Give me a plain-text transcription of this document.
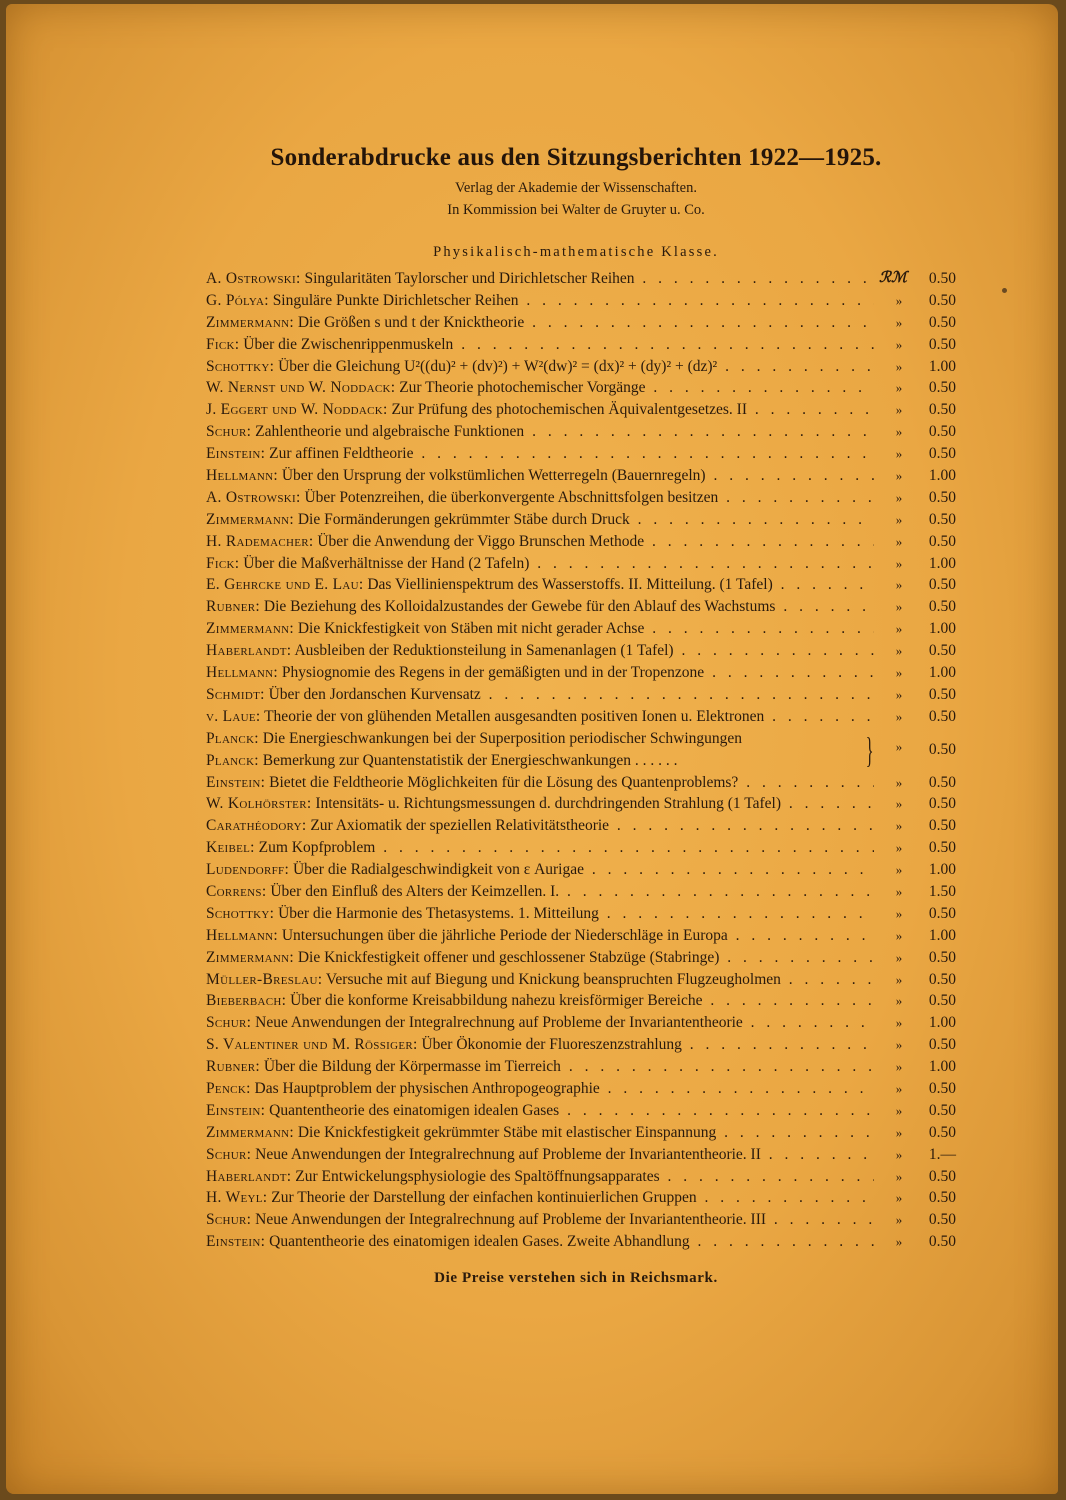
Sonderabdrucke aus den Sitzungsberichten 1922—1925.
Verlag der Akademie der Wissenschaften.
In Kommission bei Walter de Gruyter u. Co.
Physikalisch-mathematische Klasse.
A. Ostrowski: Singularitäten Taylorscher und Dirichletscher Reihen . . .	ℛℳ	0.50
G. Pólya: Singuläre Punkte Dirichletscher Reihen . . .	»	0.50
Zimmermann: Die Größen s und t der Knicktheorie . . .	»	0.50
Fick: Über die Zwischenrippenmuskeln . . .	»	0.50
Schottky: Über die Gleichung U²((du)² + (dv)²) + W²(dw)² = (dx)² + (dy)² + (dz)² . . .	»	1.00
W. Nernst und W. Noddack: Zur Theorie photochemischer Vorgänge . . .	»	0.50
J. Eggert und W. Noddack: Zur Prüfung des photochemischen Äquivalentgesetzes. II . . .	»	0.50
Schur: Zahlentheorie und algebraische Funktionen . . .	»	0.50
Einstein: Zur affinen Feldtheorie . . .	»	0.50
Hellmann: Über den Ursprung der volkstümlichen Wetterregeln (Bauernregeln) . . .	»	1.00
A. Ostrowski: Über Potenzreihen, die überkonvergente Abschnittsfolgen besitzen . . .	»	0.50
Zimmermann: Die Formänderungen gekrümmter Stäbe durch Druck . . .	»	0.50
H. Rademacher: Über die Anwendung der Viggo Brunschen Methode . . .	»	0.50
Fick: Über die Maßverhältnisse der Hand (2 Tafeln) . . .	»	1.00
E. Gehrcke und E. Lau: Das Viellinienspektrum des Wasserstoffs. II. Mitteilung. (1 Tafel) . . .	»	0.50
Rubner: Die Beziehung des Kolloidalzustandes der Gewebe für den Ablauf des Wachstums . . .	»	0.50
Zimmermann: Die Knickfestigkeit von Stäben mit nicht gerader Achse . . .	»	1.00
Haberlandt: Ausbleiben der Reduktionsteilung in Samenanlagen (1 Tafel) . . .	»	0.50
Hellmann: Physiognomie des Regens in der gemäßigten und in der Tropenzone . . .	»	1.00
Schmidt: Über den Jordanschen Kurvensatz . . .	»	0.50
v. Laue: Theorie der von glühenden Metallen ausgesandten positiven Ionen u. Elektronen . . .	»	0.50
Planck: Die Energieschwankungen bei der Superposition periodischer Schwingungen
Planck: Bemerkung zur Quantenstatistik der Energieschwankungen . . . . . .	}	»	0.50
Einstein: Bietet die Feldtheorie Möglichkeiten für die Lösung des Quantenproblems? . . .	»	0.50
W. Kolhörster: Intensitäts- u. Richtungsmessungen d. durchdringenden Strahlung (1 Tafel) . . .	»	0.50
Carathéodory: Zur Axiomatik der speziellen Relativitätstheorie . . .	»	0.50
Keibel: Zum Kopfproblem . . .	»	0.50
Ludendorff: Über die Radialgeschwindigkeit von ε Aurigae . . .	»	1.00
Correns: Über den Einfluß des Alters der Keimzellen. I. . . .	»	1.50
Schottky: Über die Harmonie des Thetasystems. 1. Mitteilung . . .	»	0.50
Hellmann: Untersuchungen über die jährliche Periode der Niederschläge in Europa . . .	»	1.00
Zimmermann: Die Knickfestigkeit offener und geschlossener Stabzüge (Stabringe) . . .	»	0.50
Müller-Breslau: Versuche mit auf Biegung und Knickung beanspruchten Flugzeugholmen . . .	»	0.50
Bieberbach: Über die konforme Kreisabbildung nahezu kreisförmiger Bereiche . . .	»	0.50
Schur: Neue Anwendungen der Integralrechnung auf Probleme der Invariantentheorie . . .	»	1.00
S. Valentiner und M. Rössiger: Über Ökonomie der Fluoreszenzstrahlung . . .	»	0.50
Rubner: Über die Bildung der Körpermasse im Tierreich . . .	»	1.00
Penck: Das Hauptproblem der physischen Anthropogeographie . . .	»	0.50
Einstein: Quantentheorie des einatomigen idealen Gases . . .	»	0.50
Zimmermann: Die Knickfestigkeit gekrümmter Stäbe mit elastischer Einspannung . . .	»	0.50
Schur: Neue Anwendungen der Integralrechnung auf Probleme der Invariantentheorie. II . . .	»	1.—
Haberlandt: Zur Entwickelungsphysiologie des Spaltöffnungsapparates . . .	»	0.50
H. Weyl: Zur Theorie der Darstellung der einfachen kontinuierlichen Gruppen . . .	»	0.50
Schur: Neue Anwendungen der Integralrechnung auf Probleme der Invariantentheorie. III . . .	»	0.50
Einstein: Quantentheorie des einatomigen idealen Gases. Zweite Abhandlung . . .	»	0.50
Die Preise verstehen sich in Reichsmark.
